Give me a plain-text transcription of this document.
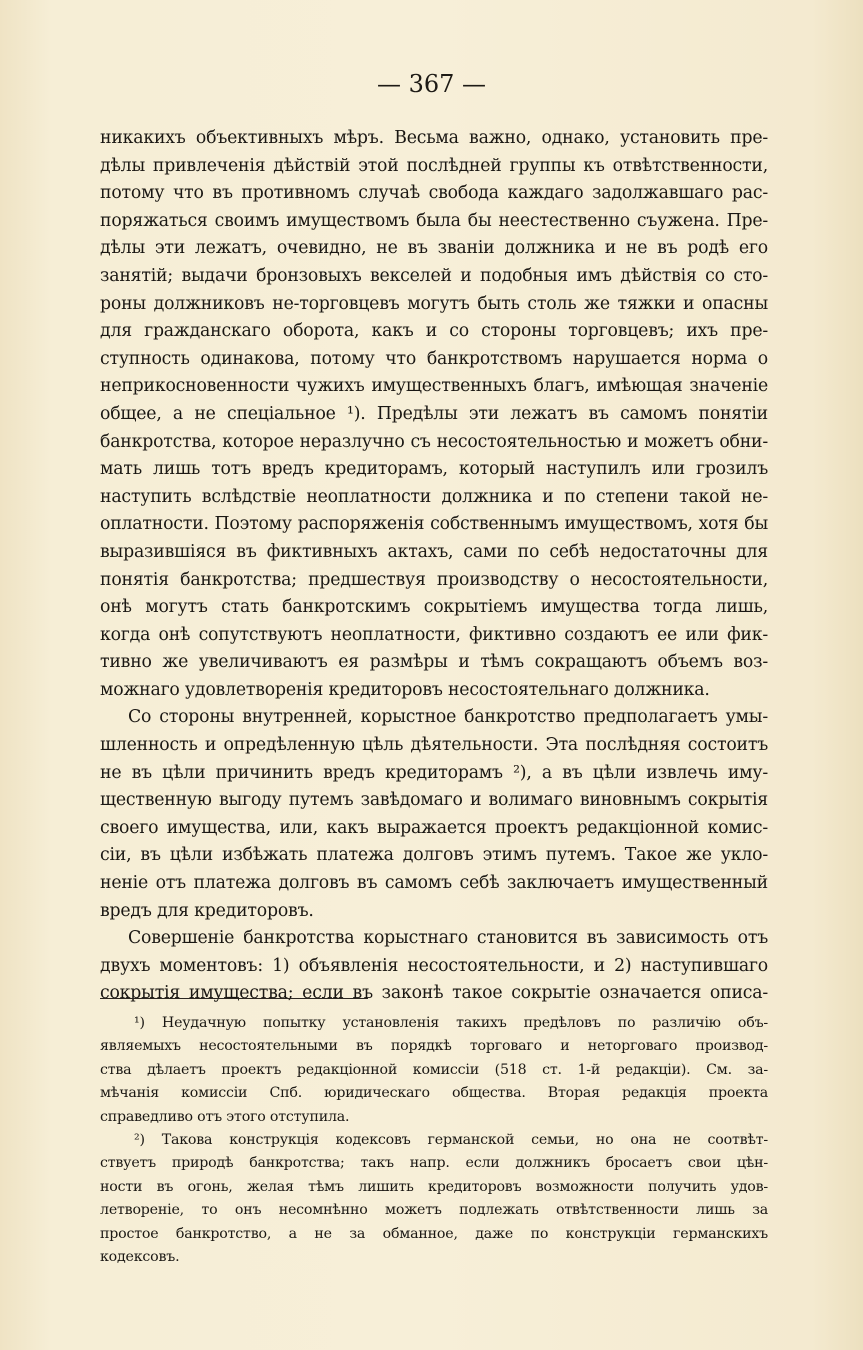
— 367 —
никакихъ объективныхъ мѣръ. Весьма важно, однако, установить пре-
дѣлы привлеченія дѣйствій этой послѣдней группы къ отвѣтственности,
потому что въ противномъ случаѣ свобода каждаго задолжавшаго рас-
поряжаться своимъ имуществомъ была бы неестественно съужена. Пре-
дѣлы эти лежатъ, очевидно, не въ званіи должника и не въ родѣ его
занятій; выдачи бронзовыхъ векселей и подобныя имъ дѣйствія со сто-
роны должниковъ не-торговцевъ могутъ быть столь же тяжки и опасны
для гражданскаго оборота, какъ и со стороны торговцевъ; ихъ пре-
ступность одинакова, потому что банкротствомъ нарушается норма о
неприкосновенности чужихъ имущественныхъ благъ, имѣющая значеніе
общее, а не спеціальное ¹). Предѣлы эти лежатъ въ самомъ понятіи
банкротства, которое неразлучно съ несостоятельностью и можетъ обни-
мать лишь тотъ вредъ кредиторамъ, который наступилъ или грозилъ
наступить вслѣдствіе неоплатности должника и по степени такой не-
оплатности. Поэтому распоряженія собственнымъ имуществомъ, хотя бы
выразившіяся въ фиктивныхъ актахъ, сами по себѣ недостаточны для
понятія банкротства; предшествуя производству о несостоятельности,
онѣ могутъ стать банкротскимъ сокрытіемъ имущества тогда лишь,
когда онѣ сопутствуютъ неоплатности, фиктивно создаютъ ее или фик-
тивно же увеличиваютъ ея размѣры и тѣмъ сокращаютъ объемъ воз-
можнаго удовлетворенія кредиторовъ несостоятельнаго должника.
Со стороны внутренней, корыстное банкротство предполагаетъ умы-
шленность и опредѣленную цѣль дѣятельности. Эта послѣдняя состоитъ
не въ цѣли причинить вредъ кредиторамъ ²), а въ цѣли извлечь иму-
щественную выгоду путемъ завѣдомаго и волимаго виновнымъ сокрытія
своего имущества, или, какъ выражается проектъ редакціонной комис-
сіи, въ цѣли избѣжать платежа долговъ этимъ путемъ. Такое же укло-
неніе отъ платежа долговъ въ самомъ себѣ заключаетъ имущественный
вредъ для кредиторовъ.
Совершеніе банкротства корыстнаго становится въ зависимость отъ
двухъ моментовъ: 1) объявленія несостоятельности, и 2) наступившаго
сокрытія имущества; если въ законѣ такое сокрытіе означается описа-
¹) Неудачную попытку установленія такихъ предѣловъ по различію объ-
являемыхъ несостоятельными въ порядкѣ торговаго и неторговаго производ-
ства дѣлаетъ проектъ редакціонной комиссіи (518 ст. 1-й редакціи). См. за-
мѣчанія комиссіи Спб. юридическаго общества. Вторая редакція проекта
справедливо отъ этого отступила.
²) Такова конструкція кодексовъ германской семьи, но она не соотвѣт-
ствуетъ природѣ банкротства; такъ напр. если должникъ бросаетъ свои цѣн-
ности въ огонь, желая тѣмъ лишить кредиторовъ возможности получить удов-
летвореніе, то онъ несомнѣнно можетъ подлежать отвѣтственности лишь за
простое банкротство, а не за обманное, даже по конструкціи германскихъ
кодексовъ.
